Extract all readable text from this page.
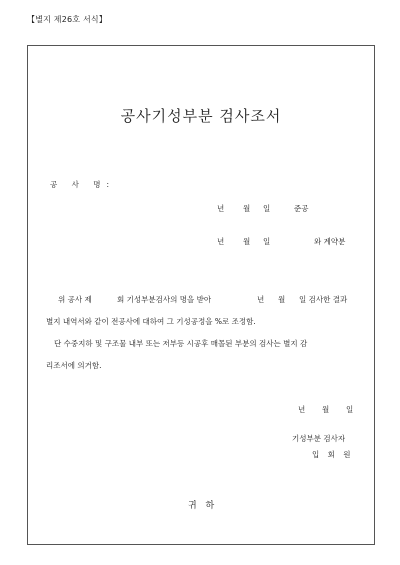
【별지 제26호 서식】
공사기성부분 검사조서
공 사 명:
년	월 일	준공
년	월 일	와 계약분
위 공사 제	회 기성부분검사의 명을 받아	년 월 일 검사한 결과
별지 내역서와 같이 전공사에 대하여 그 기성공정을 %로 조정함.
단 수중지하 및 구조물 내부 또는 저부등 시공후 매몰된 부분의 검사는 별지 감
리조서에 의거함.
년 월 일
기성부분 검사자
입 회 원
귀 하
